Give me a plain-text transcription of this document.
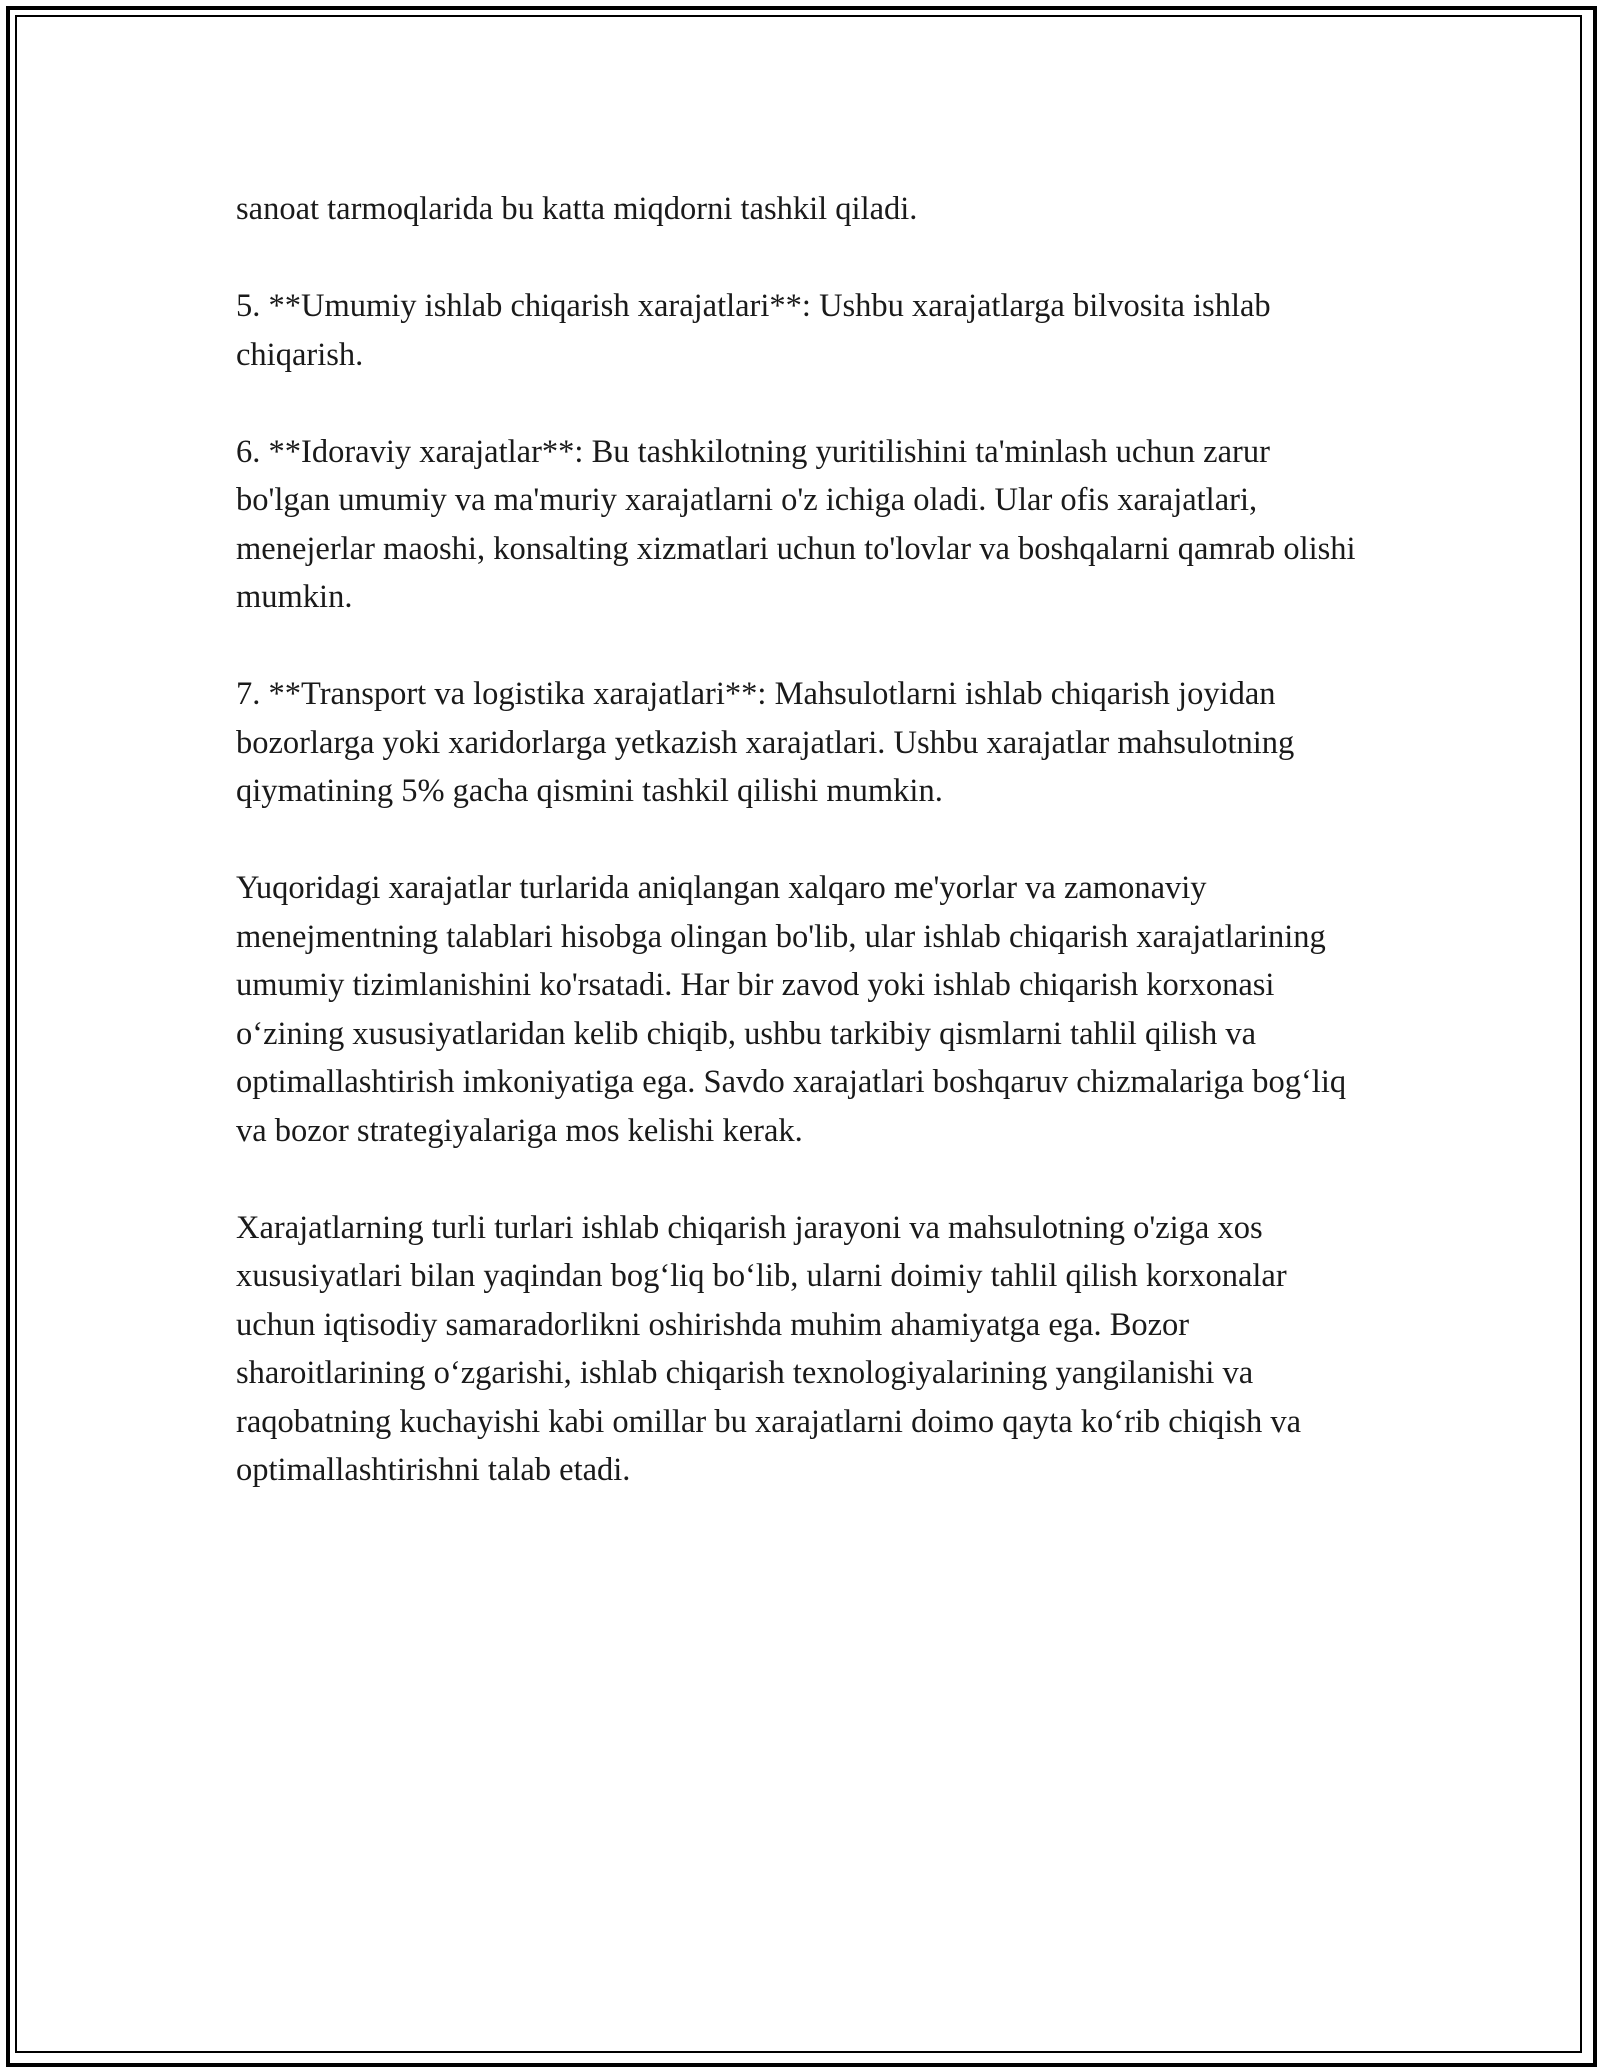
sanoat tarmoqlarida bu katta miqdorni tashkil qiladi.

5. **Umumiy ishlab chiqarish xarajatlari**: Ushbu xarajatlarga bilvosita ishlab chiqarish.

6. **Idoraviy xarajatlar**: Bu tashkilotning yuritilishini ta'minlash uchun zarur bo'lgan umumiy va ma'muriy xarajatlarni o'z ichiga oladi. Ular ofis xarajatlari, menejerlar maoshi, konsalting xizmatlari uchun to'lovlar va boshqalarni qamrab olishi mumkin.

7. **Transport va logistika xarajatlari**: Mahsulotlarni ishlab chiqarish joyidan bozorlarga yoki xaridorlarga yetkazish xarajatlari. Ushbu xarajatlar mahsulotning qiymatining 5% gacha qismini tashkil qilishi mumkin.

Yuqoridagi xarajatlar turlarida aniqlangan xalqaro me'yorlar va zamonaviy menejmentning talablari hisobga olingan bo'lib, ular ishlab chiqarish xarajatlarining umumiy tizimlanishini ko'rsatadi. Har bir zavod yoki ishlab chiqarish korxonasi o‘zining xususiyatlaridan kelib chiqib, ushbu tarkibiy qismlarni tahlil qilish va optimallashtirish imkoniyatiga ega. Savdo xarajatlari boshqaruv chizmalariga bog‘liq va bozor strategiyalariga mos kelishi kerak.

Xarajatlarning turli turlari ishlab chiqarish jarayoni va mahsulotning o'ziga xos xususiyatlari bilan yaqindan bog‘liq bo‘lib, ularni doimiy tahlil qilish korxonalar uchun iqtisodiy samaradorlikni oshirishda muhim ahamiyatga ega. Bozor sharoitlarining o‘zgarishi, ishlab chiqarish texnologiyalarining yangilanishi va raqobatning kuchayishi kabi omillar bu xarajatlarni doimo qayta ko‘rib chiqish va optimallashtirishni talab etadi.
